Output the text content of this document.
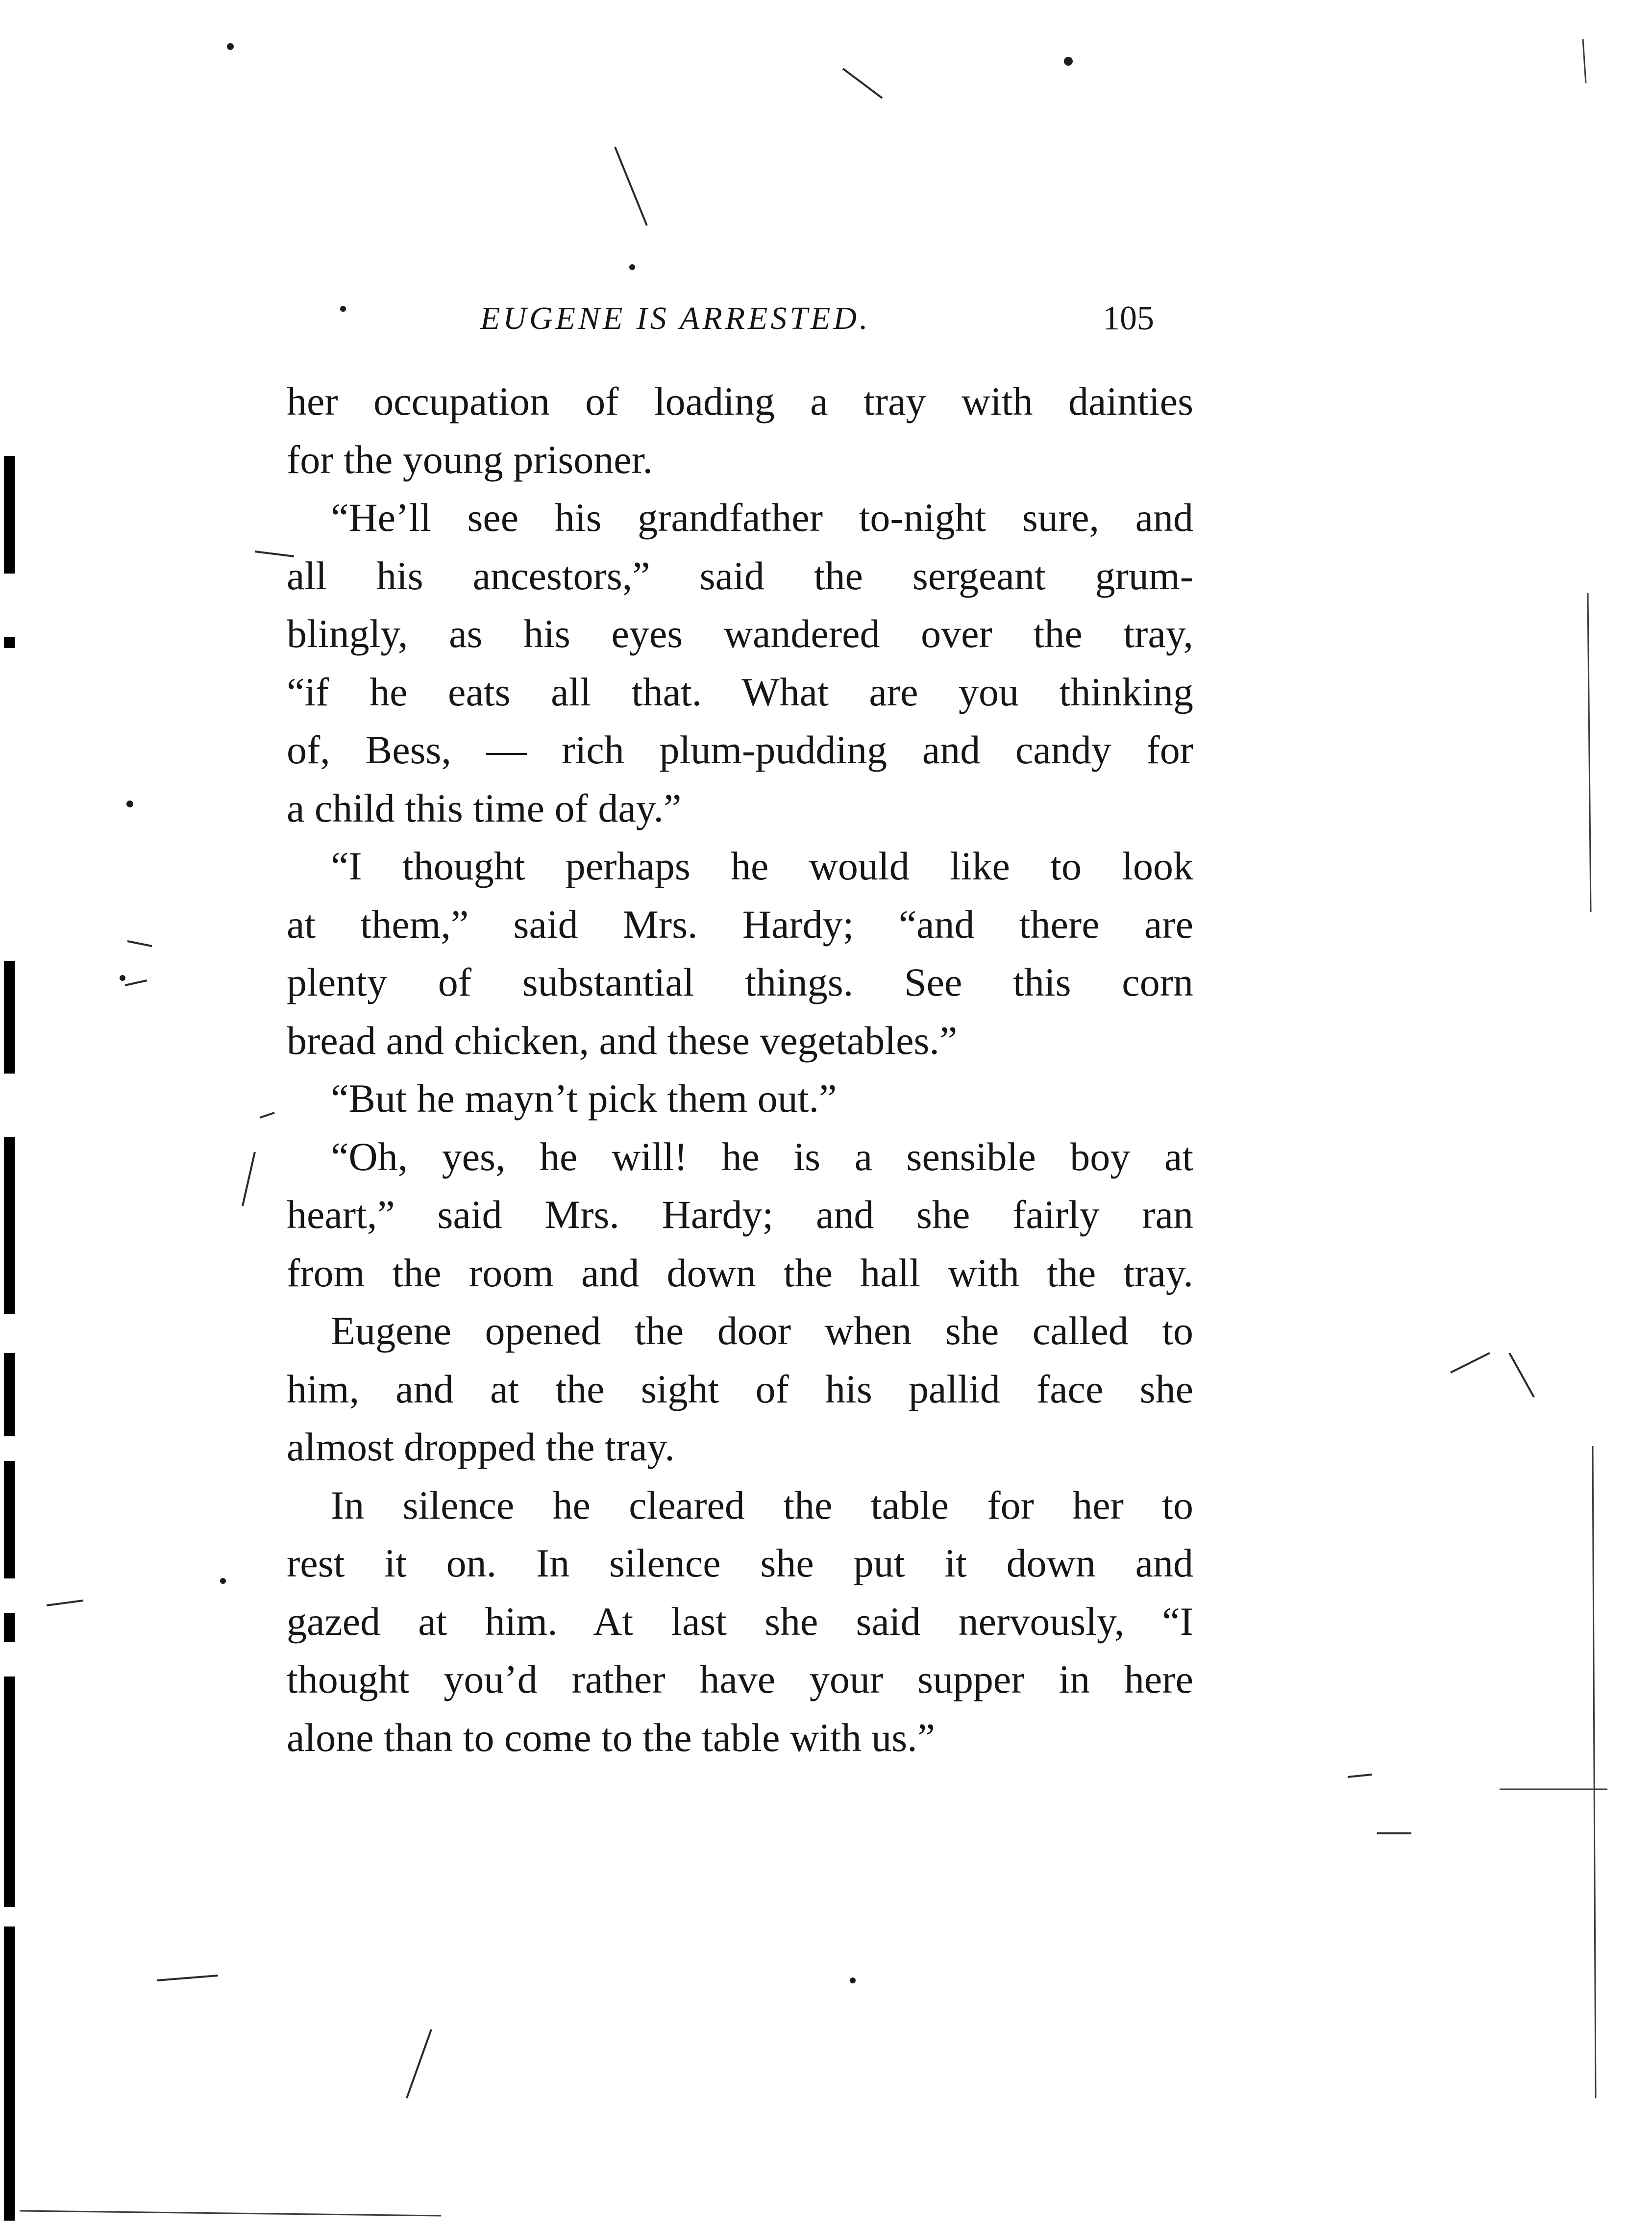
EUGENE IS ARRESTED.	105
her occupation of loading a tray with dainties
for the young prisoner.
“He’ll see his grandfather to-night sure, and
all his ancestors,” said the sergeant grum-
blingly, as his eyes wandered over the tray,
“if he eats all that. What are you thinking
of, Bess, — rich plum-pudding and candy for
a child this time of day.”
“I thought perhaps he would like to look
at them,” said Mrs. Hardy; “and there are
plenty of substantial things. See this corn
bread and chicken, and these vegetables.”
“But he mayn’t pick them out.”
“Oh, yes, he will! he is a sensible boy at
heart,” said Mrs. Hardy; and she fairly ran
from the room and down the hall with the tray.
Eugene opened the door when she called to
him, and at the sight of his pallid face she
almost dropped the tray.
In silence he cleared the table for her to
rest it on. In silence she put it down and
gazed at him. At last she said nervously, “I
thought you’d rather have your supper in here
alone than to come to the table with us.”
